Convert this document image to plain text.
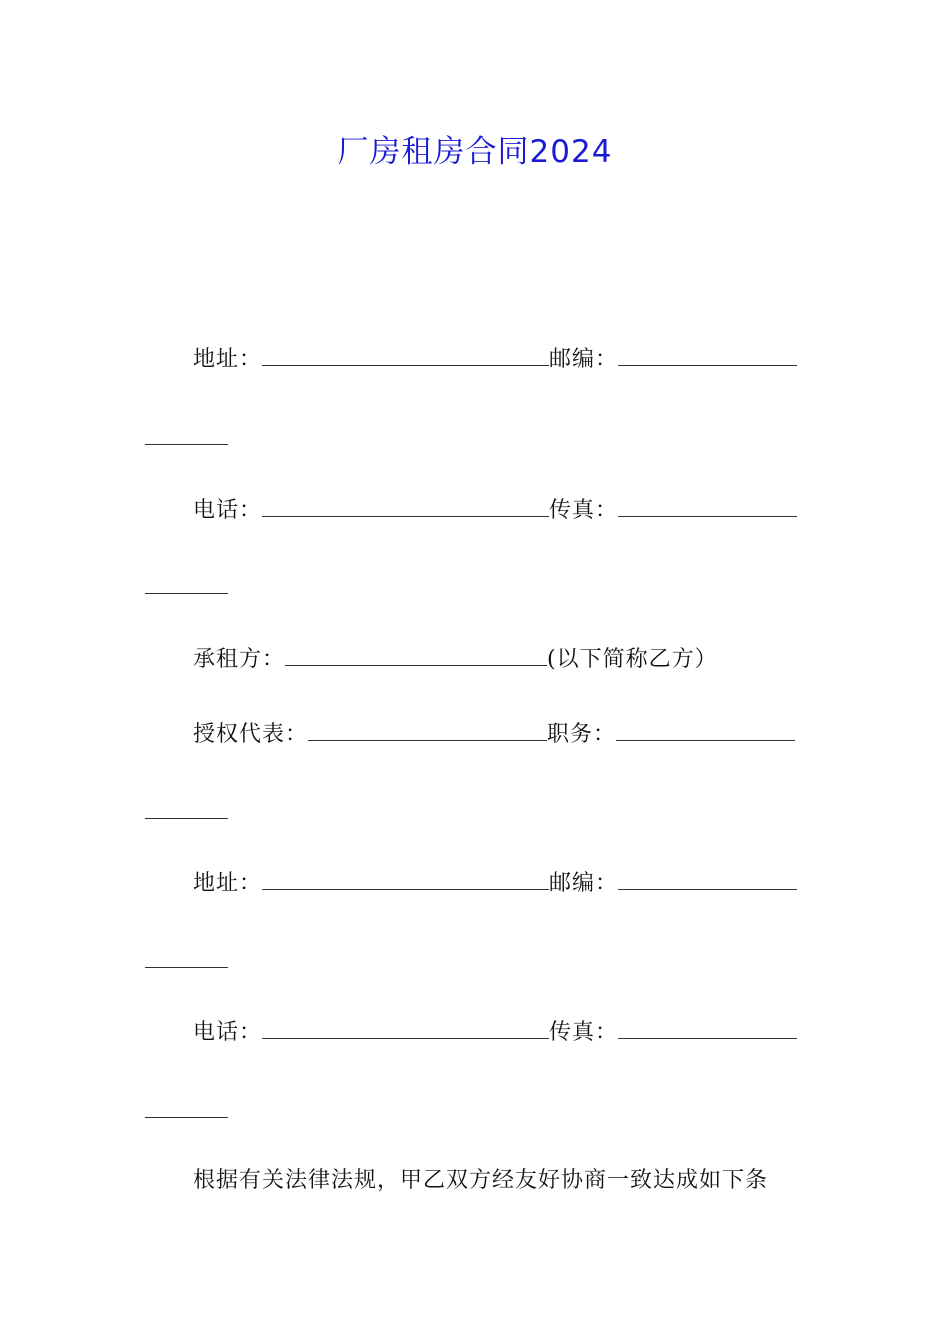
厂房租房合同2024
地址：	邮编：
电话：	传真：
承租方：	(以下简称乙方）
授权代表：	职务：
地址：	邮编：
电话：	传真：
根据有关法律法规，甲乙双方经友好协商一致达成如下条
